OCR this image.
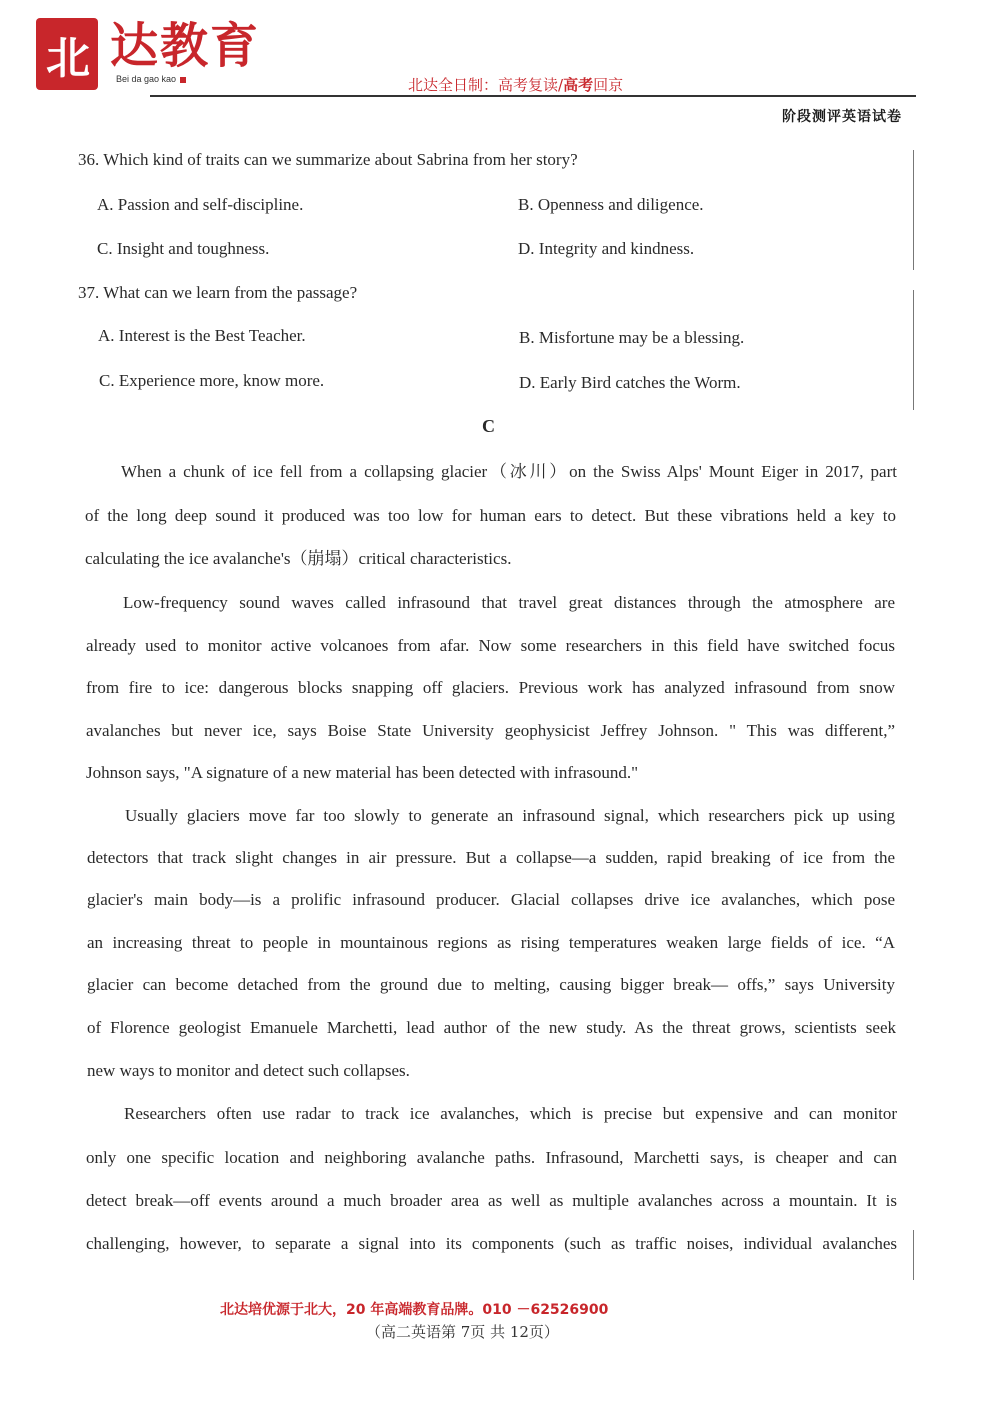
北 达教育
Bei da gao kao	北达全日制：高考复读/高考回京
阶段测评英语试卷
36. Which kind of traits can we summarize about Sabrina from her story?
A. Passion and self-discipline.	B. Openness and diligence.
C. Insight and toughness.	D. Integrity and kindness.
37. What can we learn from the passage?
A. Interest is the Best Teacher.	B. Misfortune may be a blessing.
C. Experience more, know more.	D. Early Bird catches the Worm.
C
When a chunk of ice fell from a collapsing glacier（冰川）on the Swiss Alps' Mount Eiger in 2017, part
of the long deep sound it produced was too low for human ears to detect. But these vibrations held a key to
calculating the ice avalanche's（崩塌）critical characteristics.
Low-frequency sound waves called infrasound that travel great distances through the atmosphere are
already used to monitor active volcanoes from afar. Now some researchers in this field have switched focus
from fire to ice: dangerous blocks snapping off glaciers. Previous work has analyzed infrasound from snow
avalanches but never ice, says Boise State University geophysicist Jeffrey Johnson. " This was different,”
Johnson says, "A signature of a new material has been detected with infrasound."
Usually glaciers move far too slowly to generate an infrasound signal, which researchers pick up using
detectors that track slight changes in air pressure. But a collapse—a sudden, rapid breaking of ice from the
glacier's main body—is a prolific infrasound producer. Glacial collapses drive ice avalanches, which pose
an increasing threat to people in mountainous regions as rising temperatures weaken large fields of ice. “A
glacier can become detached from the ground due to melting, causing bigger break— offs,” says University
of Florence geologist Emanuele Marchetti, lead author of the new study. As the threat grows, scientists seek
new ways to monitor and detect such collapses.
Researchers often use radar to track ice avalanches, which is precise but expensive and can monitor
only one specific location and neighboring avalanche paths. Infrasound, Marchetti says, is cheaper and can
detect break—off events around a much broader area as well as multiple avalanches across a mountain. It is
challenging, however, to separate a signal into its components (such as traffic noises, individual avalanches
北达培优源于北大，20 年高端教育品牌。010 －62526900
（高二英语第 7页 共 12页）
